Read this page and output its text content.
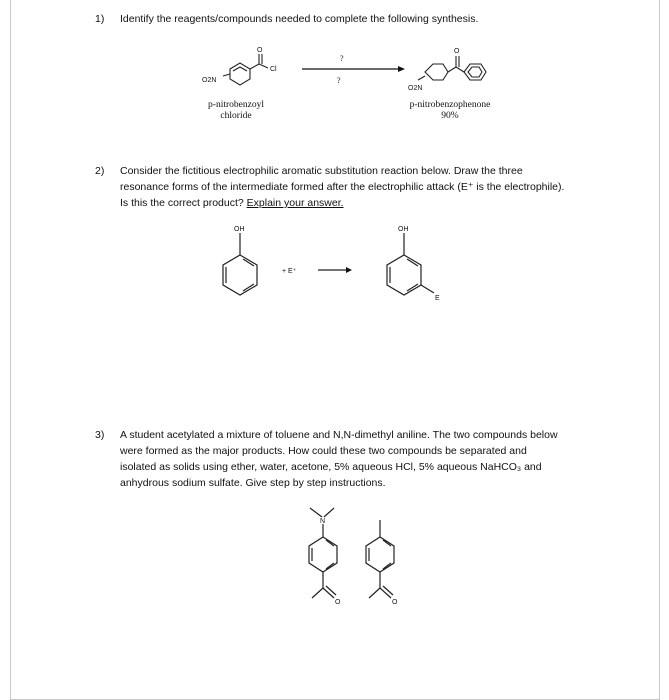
1) Identify the reagents/compounds needed to complete the following synthesis.
O2N
O
Cl
?
?
O2N
O
p-nitrobenzoyl
chloride
p-nitrobenzophenone
90%
2) Consider the fictitious electrophilic aromatic substitution reaction below. Draw the three
resonance forms of the intermediate formed after the electrophilic attack (E⁺ is the electrophile).
Is this the correct product? Explain your answer.
OH
+ E⁺
OH
E
3) A student acetylated a mixture of toluene and N,N-dimethyl aniline. The two compounds below
were formed as the major products. How could these two compounds be separated and
isolated as solids using ether, water, acetone, 5% aqueous HCl, 5% aqueous NaHCO₃ and
anhydrous sodium sulfate. Give step by step instructions.
N
O	O
